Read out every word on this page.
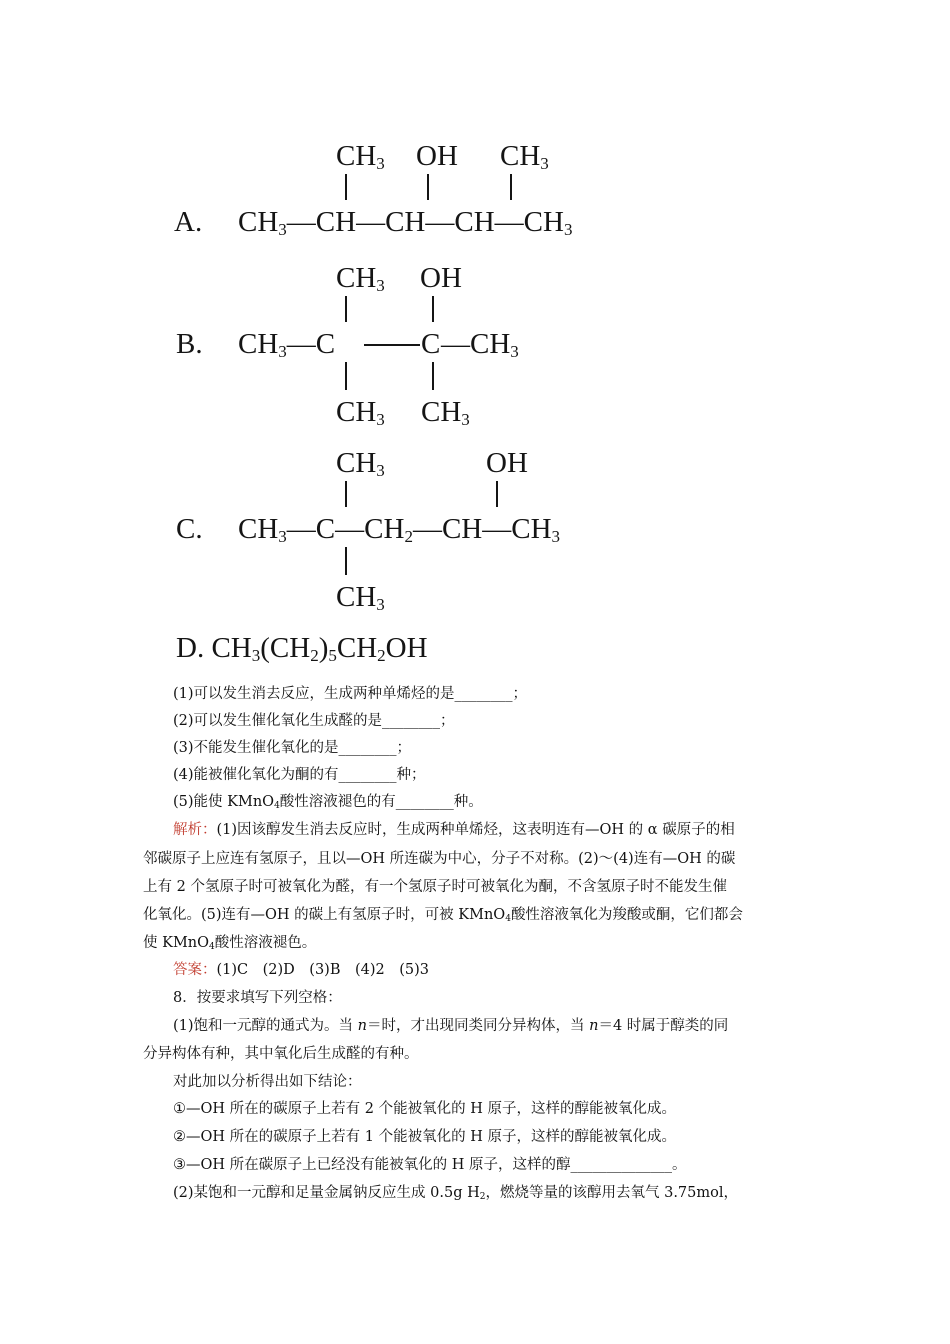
A.
$CH_3$ OH $CH_3$
$CH_3—CH—CH—CH—CH_3$
B.
$CH_3$ OH
$CH_3—C$	C $—CH_3$
$CH_3$ $CH_3$
C.
$CH_3$	OH
$CH_3—C—CH_2—CH—CH_3$
$CH_3$
D. $CH_3(CH_2)_5CH_2OH$
(1)可以发生消去反应，生成两种单烯烃的是________；
(2)可以发生催化氧化生成醛的是________；
(3)不能发生催化氧化的是________；
(4)能被催化氧化为酮的有________种；
(5)能使 KMnO4酸性溶液褪色的有________种。
解析：(1)因该醇发生消去反应时，生成两种单烯烃，这表明连有—OH 的 α 碳原子的相
邻碳原子上应连有氢原子，且以—OH 所连碳为中心，分子不对称。(2)～(4)连有—OH 的碳
上有 2 个氢原子时可被氧化为醛，有一个氢原子时可被氧化为酮，不含氢原子时不能发生催
化氧化。(5)连有—OH 的碳上有氢原子时，可被 KMnO4酸性溶液氧化为羧酸或酮，它们都会
使 KMnO4酸性溶液褪色。
答案：(1)C　(2)D　(3)B　(4)2　(5)3
8．按要求填写下列空格：
(1)饱和一元醇的通式为。当 n＝时，才出现同类同分异构体，当 n＝4 时属于醇类的同
分异构体有种，其中氧化后生成醛的有种。
对此加以分析得出如下结论：
①—OH 所在的碳原子上若有 2 个能被氧化的 H 原子，这样的醇能被氧化成。
②—OH 所在的碳原子上若有 1 个能被氧化的 H 原子，这样的醇能被氧化成。
③—OH 所在碳原子上已经没有能被氧化的 H 原子，这样的醇______________。
(2)某饱和一元醇和足量金属钠反应生成 0.5g H2，燃烧等量的该醇用去氧气 3.75mol，
